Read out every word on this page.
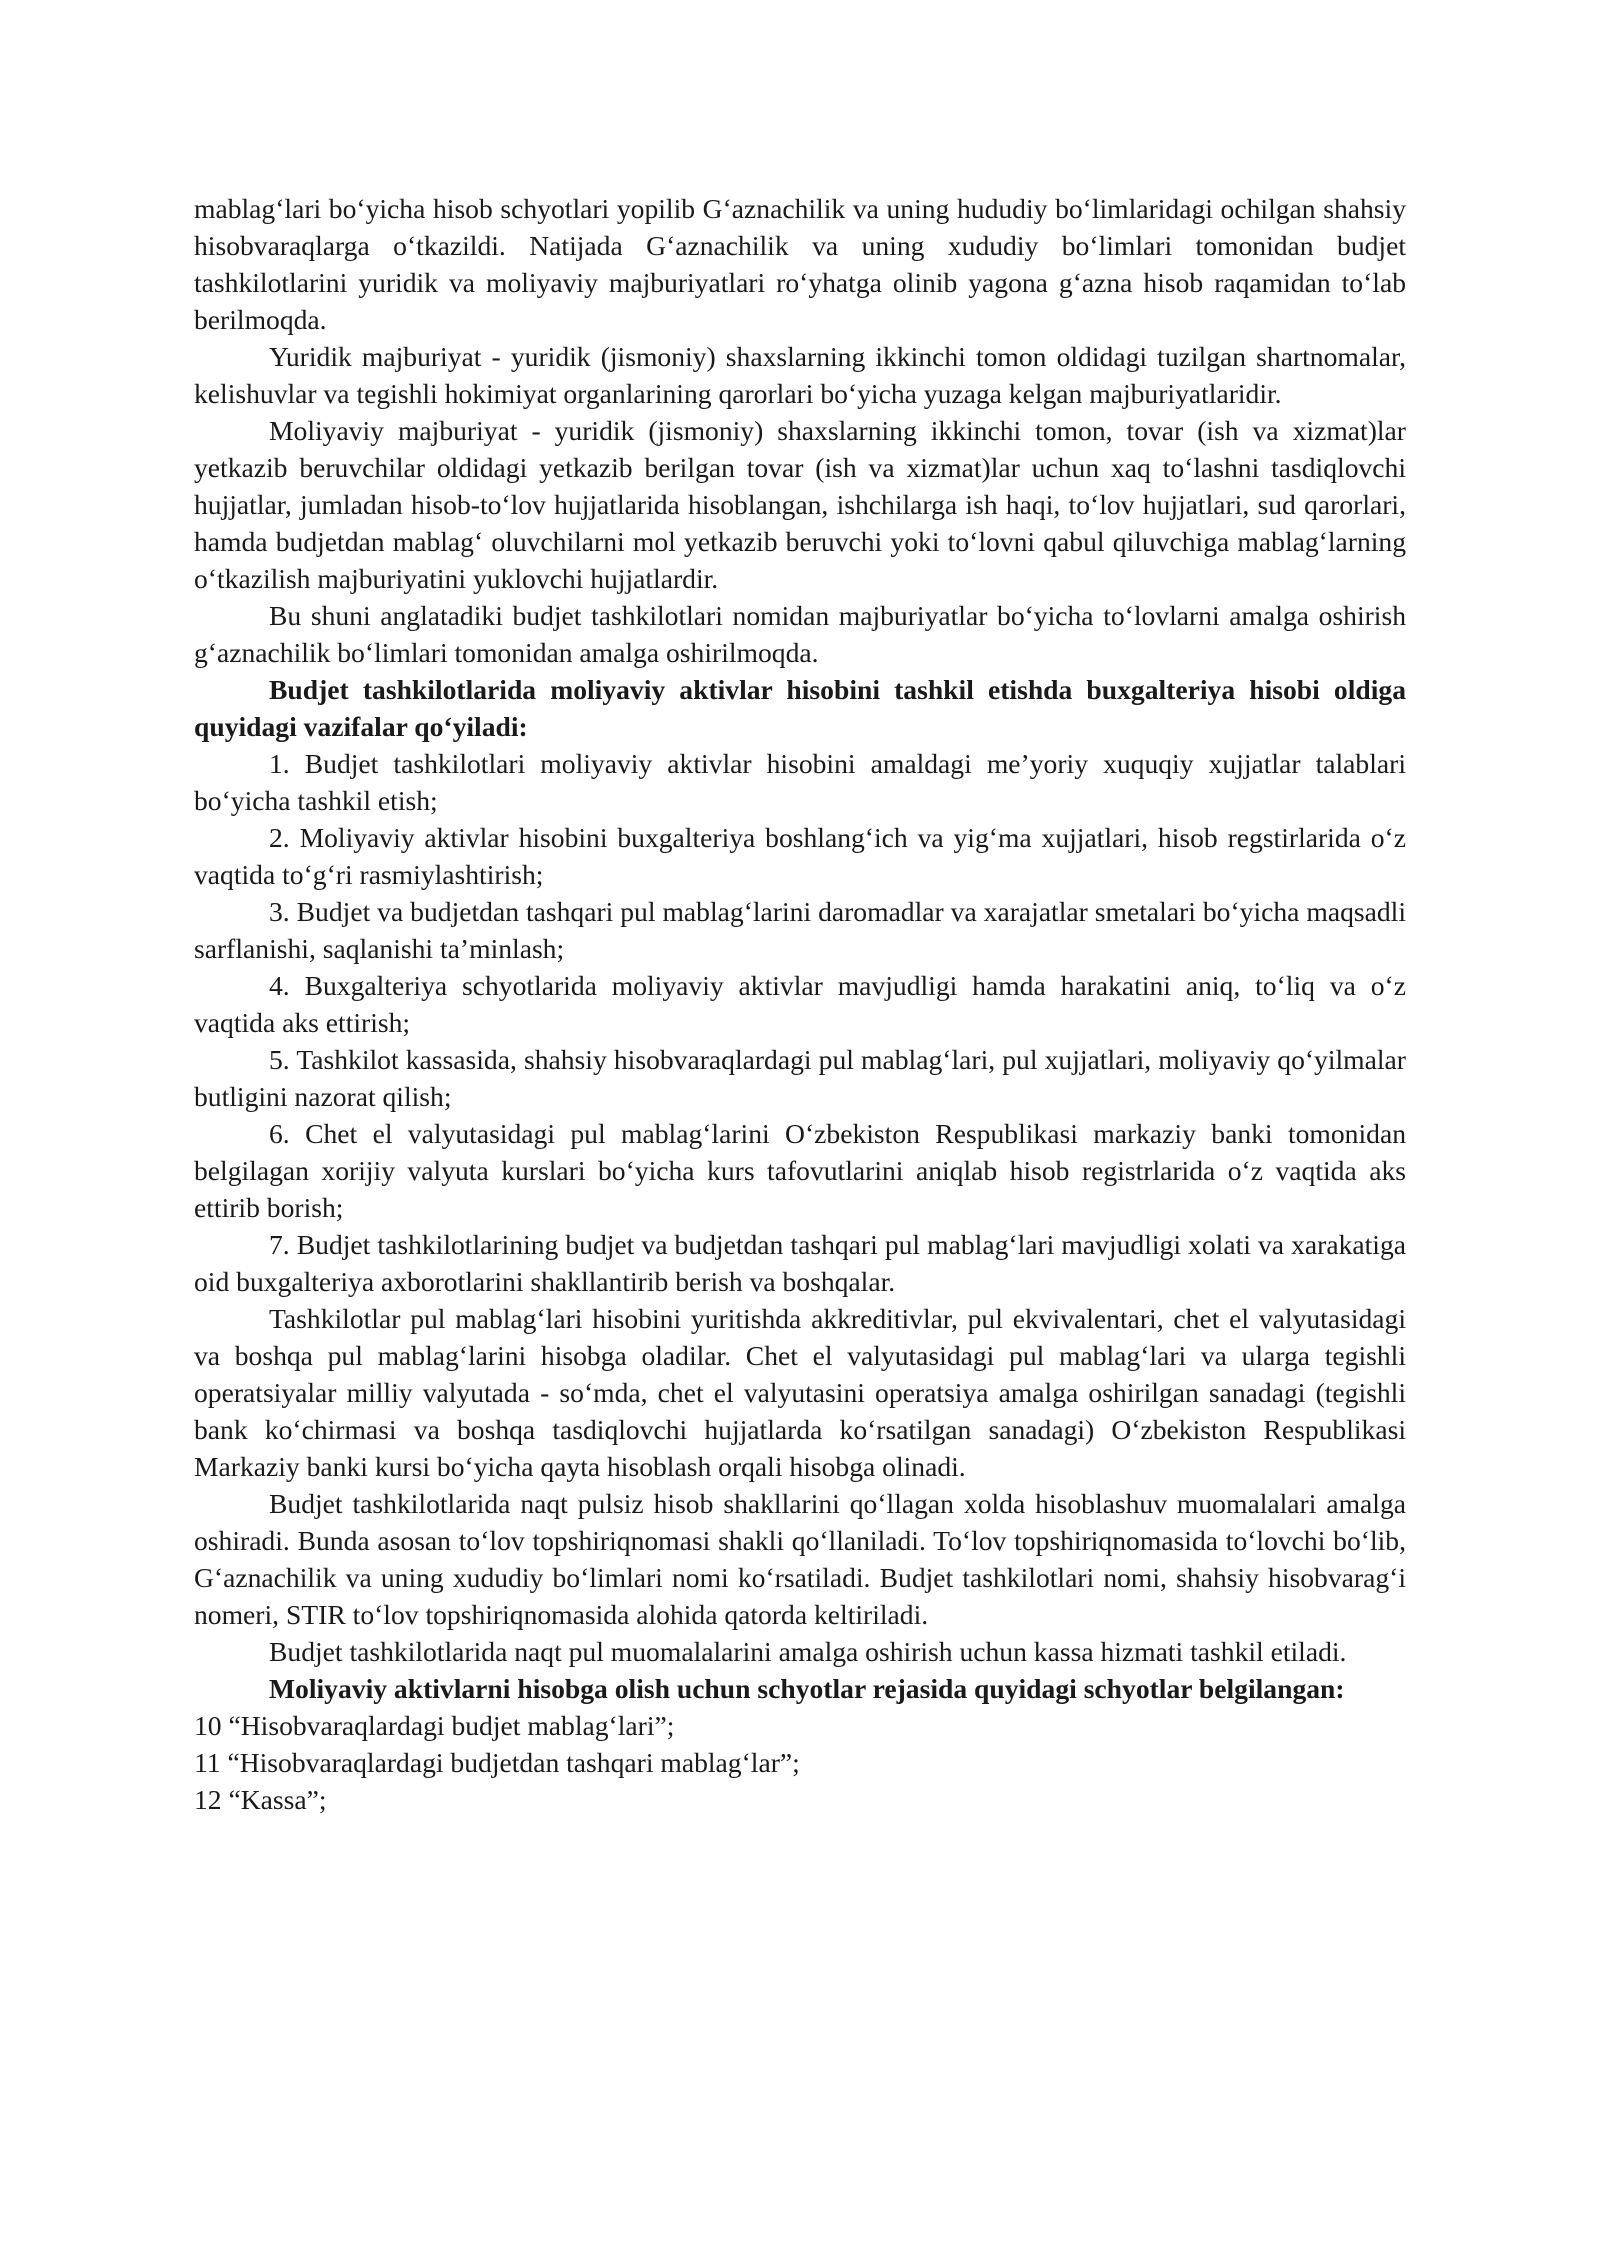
mablag‘lari bo‘yicha hisob schyotlari yopilib G‘aznachilik va uning hududiy bo‘limlaridagi ochilgan shahsiy hisobvaraqlarga o‘tkazildi. Natijada G‘aznachilik va uning xududiy bo‘limlari tomonidan budjet tashkilotlarini yuridik va moliyaviy majburiyatlari ro‘yhatga olinib yagona g‘azna hisob raqamidan to‘lab berilmoqda.

Yuridik majburiyat - yuridik (jismoniy) shaxslarning ikkinchi tomon oldidagi tuzilgan shartnomalar, kelishuvlar va tegishli hokimiyat organlarining qarorlari bo‘yicha yuzaga kelgan majburiyatlaridir.

Moliyaviy majburiyat - yuridik (jismoniy) shaxslarning ikkinchi tomon, tovar (ish va xizmat)lar yetkazib beruvchilar oldidagi yetkazib berilgan tovar (ish va xizmat)lar uchun xaq to‘lashni tasdiqlovchi hujjatlar, jumladan hisob-to‘lov hujjatlarida hisoblangan, ishchilarga ish haqi, to‘lov hujjatlari, sud qarorlari, hamda budjetdan mablag‘ oluvchilarni mol yetkazib beruvchi yoki to‘lovni qabul qiluvchiga mablag‘larning o‘tkazilish majburiyatini yuklovchi hujjatlardir.

Bu shuni anglatadiki budjet tashkilotlari nomidan majburiyatlar bo‘yicha to‘lovlarni amalga oshirish g‘aznachilik bo‘limlari tomonidan amalga oshirilmoqda.

Budjet tashkilotlarida moliyaviy aktivlar hisobini tashkil etishda buxgalteriya hisobi oldiga quyidagi vazifalar qo‘yiladi:

1. Budjet tashkilotlari moliyaviy aktivlar hisobini amaldagi me’yoriy xuquqiy xujjatlar talablari bo‘yicha tashkil etish;

2. Moliyaviy aktivlar hisobini buxgalteriya boshlang‘ich va yig‘ma xujjatlari, hisob regstirlarida o‘z vaqtida to‘g‘ri rasmiylashtirish;

3. Budjet va budjetdan tashqari pul mablag‘larini daromadlar va xarajatlar smetalari bo‘yicha maqsadli sarflanishi, saqlanishi ta’minlash;

4. Buxgalteriya schyotlarida moliyaviy aktivlar mavjudligi hamda harakatini aniq, to‘liq va o‘z vaqtida aks ettirish;

5. Tashkilot kassasida, shahsiy hisobvaraqlardagi pul mablag‘lari, pul xujjatlari, moliyaviy qo‘yilmalar butligini nazorat qilish;

6. Chet el valyutasidagi pul mablag‘larini O‘zbekiston Respublikasi markaziy banki tomonidan belgilagan xorijiy valyuta kurslari bo‘yicha kurs tafovutlarini aniqlab hisob registrlarida o‘z vaqtida aks ettirib borish;

7. Budjet tashkilotlarining budjet va budjetdan tashqari pul mablag‘lari mavjudligi xolati va xarakatiga oid buxgalteriya axborotlarini shakllantirib berish va boshqalar.

Tashkilotlar pul mablag‘lari hisobini yuritishda akkreditivlar, pul ekvivalentari, chet el valyutasidagi va boshqa pul mablag‘larini hisobga oladilar. Chet el valyutasidagi pul mablag‘lari va ularga tegishli operatsiyalar milliy valyutada - so‘mda, chet el valyutasini operatsiya amalga oshirilgan sanadagi (tegishli bank ko‘chirmasi va boshqa tasdiqlovchi hujjatlarda ko‘rsatilgan sanadagi) O‘zbekiston Respublikasi Markaziy banki kursi bo‘yicha qayta hisoblash orqali hisobga olinadi.

Budjet tashkilotlarida naqt pulsiz hisob shakllarini qo‘llagan xolda hisoblashuv muomalalari amalga oshiradi. Bunda asosan to‘lov topshiriqnomasi shakli qo‘llaniladi. To‘lov topshiriqnomasida to‘lovchi bo‘lib, G‘aznachilik va uning xududiy bo‘limlari nomi ko‘rsatiladi. Budjet tashkilotlari nomi, shahsiy hisobvarag‘i nomeri, STIR to‘lov topshiriqnomasida alohida qatorda keltiriladi.

Budjet tashkilotlarida naqt pul muomalalarini amalga oshirish uchun kassa hizmati tashkil etiladi.

Moliyaviy aktivlarni hisobga olish uchun schyotlar rejasida quyidagi schyotlar belgilangan:

10 “Hisobvaraqlardagi budjet mablag‘lari”;

11 “Hisobvaraqlardagi budjetdan tashqari mablag‘lar”;

12 “Kassa”;
